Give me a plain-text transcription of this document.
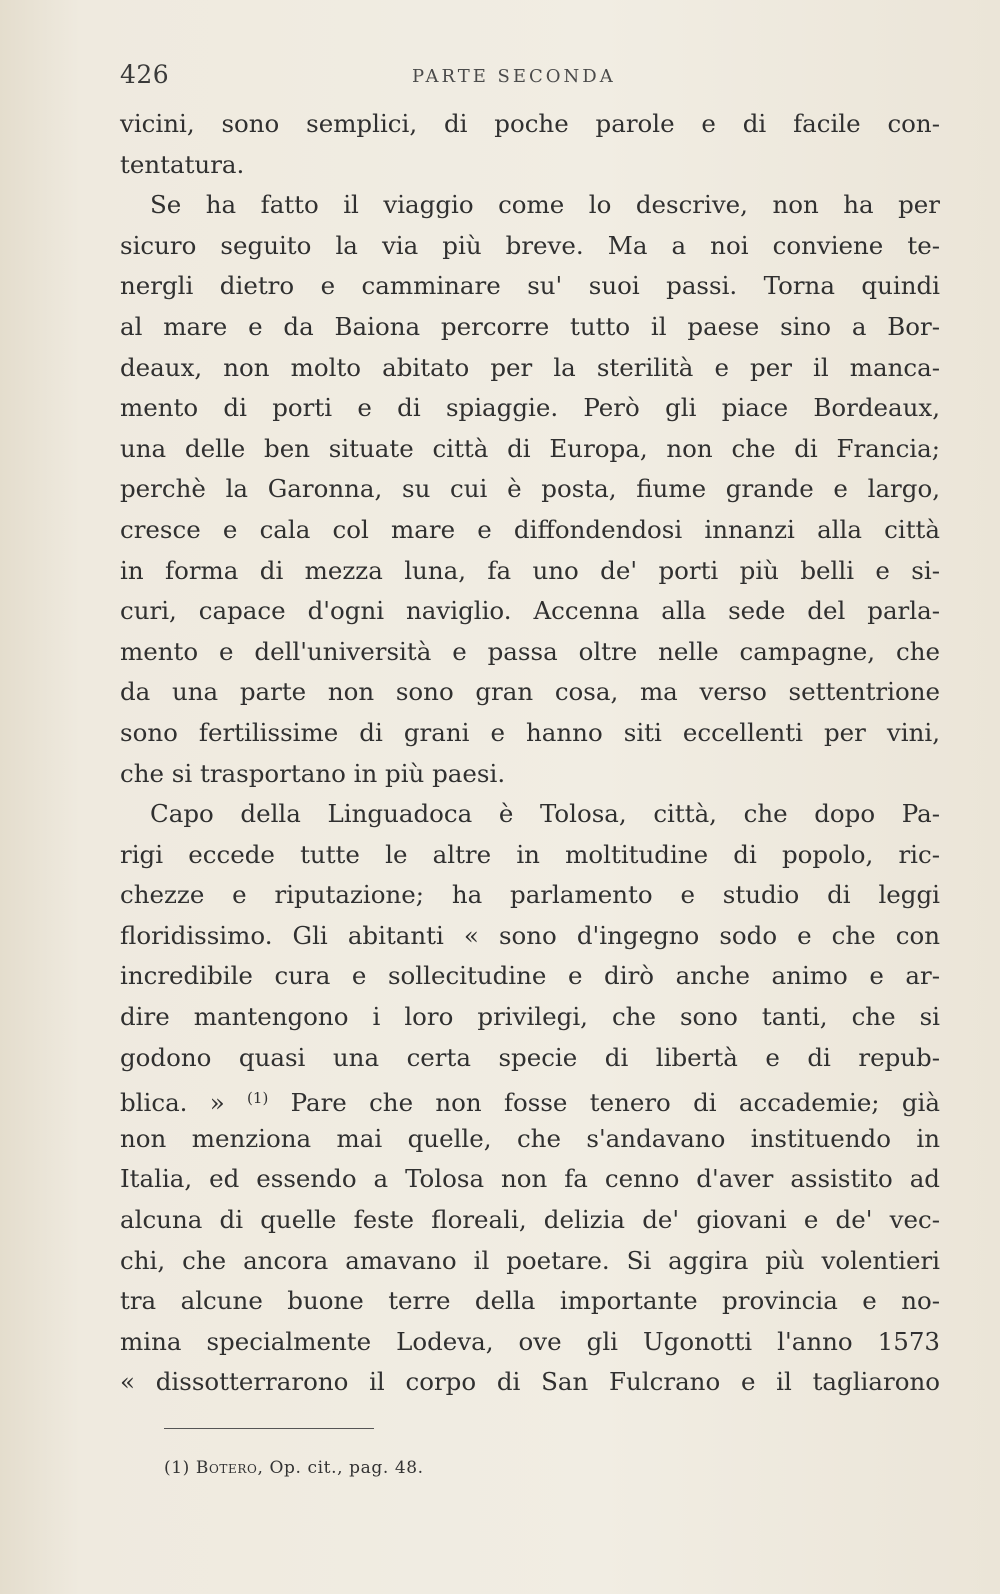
426	PARTE SECONDA
vicini, sono semplici, di poche parole e di facile con-
tentatura.
Se ha fatto il viaggio come lo descrive, non ha per
sicuro seguito la via più breve. Ma a noi conviene te-
nergli dietro e camminare su' suoi passi. Torna quindi
al mare e da Baiona percorre tutto il paese sino a Bor-
deaux, non molto abitato per la sterilità e per il manca-
mento di porti e di spiaggie. Però gli piace Bordeaux,
una delle ben situate città di Europa, non che di Francia;
perchè la Garonna, su cui è posta, fiume grande e largo,
cresce e cala col mare e diffondendosi innanzi alla città
in forma di mezza luna, fa uno de' porti più belli e si-
curi, capace d'ogni naviglio. Accenna alla sede del parla-
mento e dell'università e passa oltre nelle campagne, che
da una parte non sono gran cosa, ma verso settentrione
sono fertilissime di grani e hanno siti eccellenti per vini,
che si trasportano in più paesi.
Capo della Linguadoca è Tolosa, città, che dopo Pa-
rigi eccede tutte le altre in moltitudine di popolo, ric-
chezze e riputazione; ha parlamento e studio di leggi
floridissimo. Gli abitanti « sono d'ingegno sodo e che con
incredibile cura e sollecitudine e dirò anche animo e ar-
dire mantengono i loro privilegi, che sono tanti, che si
godono quasi una certa specie di libertà e di repub-
blica. » $^{(1)}$ Pare che non fosse tenero di accademie; già
non menziona mai quelle, che s'andavano instituendo in
Italia, ed essendo a Tolosa non fa cenno d'aver assistito ad
alcuna di quelle feste floreali, delizia de' giovani e de' vec-
chi, che ancora amavano il poetare. Si aggira più volentieri
tra alcune buone terre della importante provincia e no-
mina specialmente Lodeva, ove gli Ugonotti l'anno 1573
« dissotterrarono il corpo di San Fulcrano e il tagliarono
(1) Botero, Op. cit., pag. 48.
